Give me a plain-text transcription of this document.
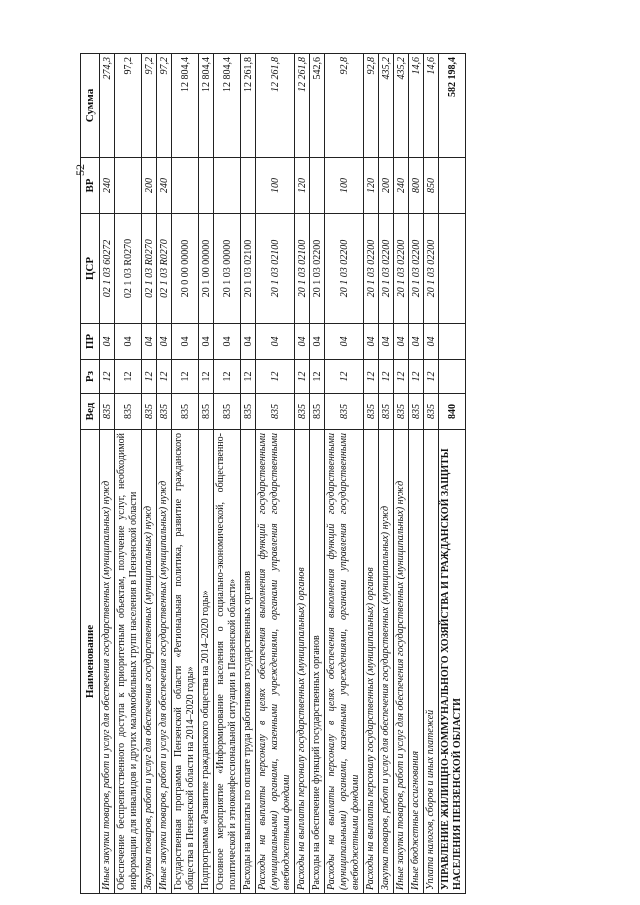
52
Наименование	Вед	Рз	ПР	ЦСР	ВР	Сумма
Иные закупки товаров, работ и услуг для обеспечения государственных (муниципальных) нужд	835	12	04	02 1 03 60272	240	274,3
Обеспечение беспрепятственного доступа к приоритетным объектам, получение услуг, необходимой информации для инвалидов и других маломобильных групп населения в Пензенской области	835	12	04	02 1 03 R0270		97,2
Закупка товаров, работ и услуг для обеспечения государственных (муниципальных) нужд	835	12	04	02 1 03 R0270	200	97,2
Иные закупки товаров, работ и услуг для обеспечения государственных (муниципальных) нужд	835	12	04	02 1 03 R0270	240	97,2
Государственная программа Пензенской области «Региональная политика, развитие гражданского общества в Пензенской области на 2014–2020 годы»	835	12	04	20 0 00 00000		12 804,4
Подпрограмма «Развитие гражданского общества на 2014–2020 годы»	835	12	04	20 1 00 00000		12 804,4
Основное мероприятие «Информирование населения о социально-экономической, общественно-политической и этноконфессиональной ситуации в Пензенской области»	835	12	04	20 1 03 00000		12 804,4
Расходы на выплаты по оплате труда работников государственных органов	835	12	04	20 1 03 02100		12 261,8
Расходы на выплаты персоналу в целях обеспечения выполнения функций государственными (муниципальными) органами, казенными учреждениями, органами управления государственными внебюджетными фондами	835	12	04	20 1 03 02100	100	12 261,8
Расходы на выплаты персоналу государственных (муниципальных) органов	835	12	04	20 1 03 02100	120	12 261,8
Расходы на обеспечение функций государственных органов	835	12	04	20 1 03 02200		542,6
Расходы на выплаты персоналу в целях обеспечения выполнения функций государственными (муниципальными) органами, казенными учреждениями, органами управления государственными внебюджетными фондами	835	12	04	20 1 03 02200	100	92,8
Расходы на выплаты персоналу государственных (муниципальных) органов	835	12	04	20 1 03 02200	120	92,8
Закупка товаров, работ и услуг для обеспечения государственных (муниципальных) нужд	835	12	04	20 1 03 02200	200	435,2
Иные закупки товаров, работ и услуг для обеспечения государственных (муниципальных) нужд	835	12	04	20 1 03 02200	240	435,2
Иные бюджетные ассигнования	835	12	04	20 1 03 02200	800	14,6
Уплата налогов, сборов и иных платежей	835	12	04	20 1 03 02200	850	14,6
УПРАВЛЕНИЕ ЖИЛИЩНО-КОММУНАЛЬНОГО ХОЗЯЙСТВА И ГРАЖДАНСКОЙ ЗАЩИТЫ НАСЕЛЕНИЯ ПЕНЗЕНСКОЙ ОБЛАСТИ	840					582 198,4
